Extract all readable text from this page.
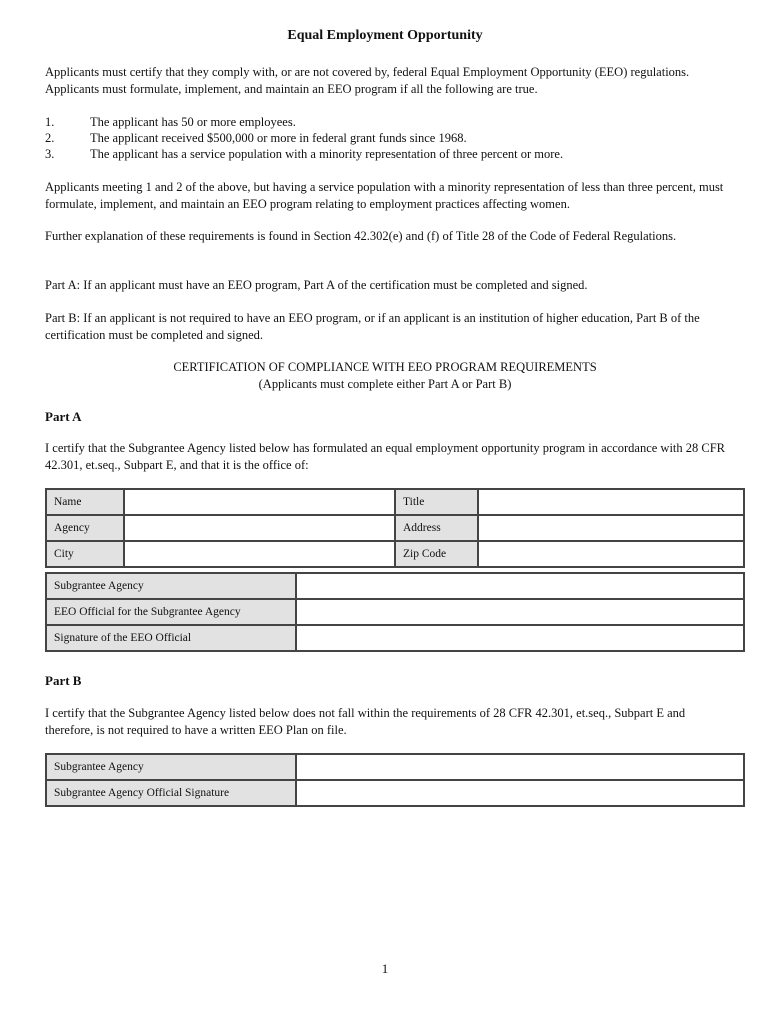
Equal Employment Opportunity
Applicants must certify that they comply with, or are not covered by, federal Equal Employment Opportunity (EEO) regulations. Applicants must formulate, implement, and maintain an EEO program if all the following are true.
1.	The applicant has 50 or more employees.
2.	The applicant received $500,000 or more in federal grant funds since 1968.
3.	The applicant has a service population with a minority representation of three percent or more.
Applicants meeting 1 and 2 of the above, but having a service population with a minority representation of less than three percent, must formulate, implement, and maintain an EEO program relating to employment practices affecting women.
Further explanation of these requirements is found in Section 42.302(e) and (f) of Title 28 of the Code of Federal Regulations.
Part A: If an applicant must have an EEO program, Part A of the certification must be completed and signed.
Part B: If an applicant is not required to have an EEO program, or if an applicant is an institution of higher education, Part B of the certification must be completed and signed.
CERTIFICATION OF COMPLIANCE WITH EEO PROGRAM REQUIREMENTS
(Applicants must complete either Part A or Part B)
Part A
I certify that the Subgrantee Agency listed below has formulated an equal employment opportunity program in accordance with 28 CFR 42.301, et.seq., Subpart E, and that it is the office of:
Name		Title	
Agency		Address	
City		Zip Code	
Subgrantee Agency	
EEO Official for the Subgrantee Agency	
Signature of the EEO Official	
Part B
I certify that the Subgrantee Agency listed below does not fall within the requirements of 28 CFR 42.301, et.seq., Subpart E and therefore, is not required to have a written EEO Plan on file.
Subgrantee Agency	
Subgrantee Agency Official Signature	
1
